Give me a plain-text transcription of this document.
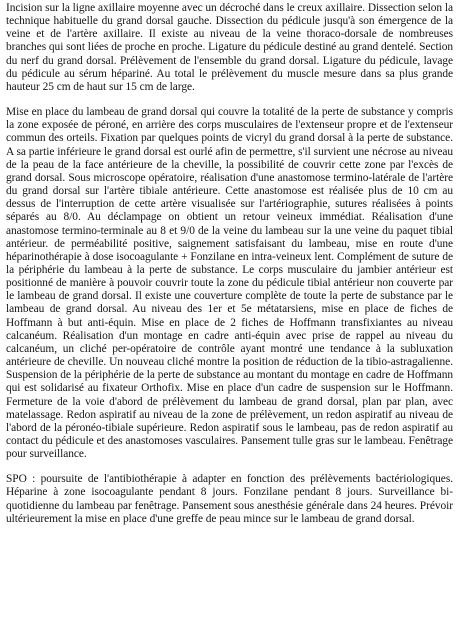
Incision sur la ligne axillaire moyenne avec un décroché dans le creux axillaire. Dissection selon la technique habituelle du grand dorsal gauche. Dissection du pédicule jusqu'à son émergence de la veine et de l'artère axillaire. Il existe au niveau de la veine thoraco-dorsale de nombreuses branches qui sont liées de proche en proche. Ligature du pédicule destiné au grand dentelé. Section du nerf du grand dorsal. Prélèvement de l'ensemble du grand dorsal. Ligature du pédicule, lavage du pédicule au sérum hépariné. Au total le prélèvement du muscle mesure dans sa plus grande hauteur 25 cm de haut sur 15 cm de large.

Mise en place du lambeau de grand dorsal qui couvre la totalité de la perte de substance y compris la zone exposée de péroné, en arrière des corps musculaires de l'extenseur propre et de l'extenseur commun des orteils. Fixation par quelques points de vicryl du grand dorsal à la perte de substance. A sa partie inférieure le grand dorsal est ourlé afin de permettre, s'il survient une nécrose au niveau de la peau de la face antérieure de la cheville, la possibilité de couvrir cette zone par l'excès de grand dorsal. Sous microscope opératoire, réalisation d'une anastomose termino-latérale de l'artère du grand dorsal sur l'artère tibiale antérieure. Cette anastomose est réalisée plus de 10 cm au dessus de l'interruption de cette artère visualisée sur l'artériographie, sutures réalisées à points séparés au 8/0. Au déclampage on obtient un retour veineux immédiat. Réalisation d'une anastomose termino-terminale au 8 et 9/0 de la veine du lambeau sur la une veine du paquet tibial antérieur. de perméabilité positive, saignement satisfaisant du lambeau, mise en route d'une héparinothérapie à dose isocoagulante + Fonzilane en intra-veineux lent. Complément de suture de la périphérie du lambeau à la perte de substance. Le corps musculaire du jambier antérieur est positionné de manière à pouvoir couvrir toute la zone du pédicule tibial antérieur non couverte par le lambeau de grand dorsal. Il existe une couverture complète de toute la perte de substance par le lambeau de grand dorsal. Au niveau des 1er et 5e métatarsiens, mise en place de fiches de Hoffmann à but anti-équin. Mise en place de 2 fiches de Hoffmann transfixiantes au niveau calcanéum. Réalisation d'un montage en cadre anti-équin avec prise de rappel au niveau du calcanéum, un cliché per-opératoire de contrôle ayant montré une tendance à la subluxation antérieure de cheville. Un nouveau cliché montre la position de réduction de la tibio-astragalienne. Suspension de la périphérie de la perte de substance au montant du montage en cadre de Hoffmann qui est solidarisé au fixateur Orthofix. Mise en place d'un cadre de suspension sur le Hoffmann. Fermeture de la voie d'abord de prélèvement du lambeau de grand dorsal, plan par plan, avec matelassage. Redon aspiratif au niveau de la zone de prélèvement, un redon aspiratif au niveau de l'abord de la péronéo-tibiale supérieure. Redon aspiratif sous le lambeau, pas de redon aspiratif au contact du pédicule et des anastomoses vasculaires. Pansement tulle gras sur le lambeau. Fenêtrage pour surveillance.

SPO : poursuite de l'antibiothérapie à adapter en fonction des prélèvements bactériologiques. Héparine à zone isocoagulante pendant 8 jours. Fonzilane pendant 8 jours. Surveillance bi-quotidienne du lambeau par fenêtrage. Pansement sous anesthésie générale dans 24 heures. Prévoir ultérieurement la mise en place d'une greffe de peau mince sur le lambeau de grand dorsal.
